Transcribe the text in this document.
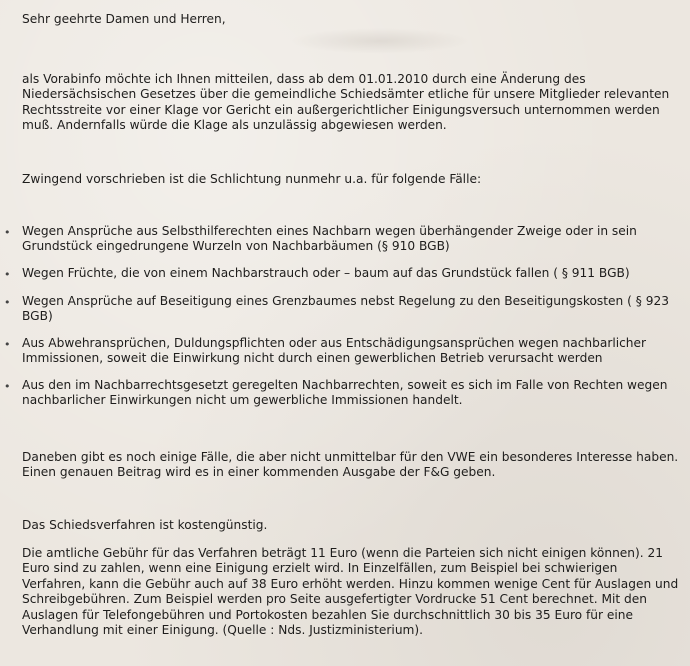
Sehr geehrte Damen und Herren,

als Vorabinfo möchte ich Ihnen mitteilen, dass ab dem 01.01.2010 durch eine Änderung des Niedersächsischen Gesetzes über die gemeindliche Schiedsämter etliche für unsere Mitglieder relevanten Rechtsstreite vor einer Klage vor Gericht ein außergerichtlicher Einigungsversuch unternommen werden muß. Andernfalls würde die Klage als unzulässig abgewiesen werden.

Zwingend vorschrieben ist die Schlichtung nunmehr u.a. für folgende Fälle:

• Wegen Ansprüche aus Selbsthilferechten eines Nachbarn wegen überhängender Zweige oder in sein Grundstück eingedrungene Wurzeln von Nachbarbäumen (§ 910 BGB)

• Wegen Früchte, die von einem Nachbarstrauch oder – baum auf das Grundstück fallen ( § 911 BGB)

• Wegen Ansprüche auf Beseitigung eines Grenzbaumes nebst Regelung zu den Beseitigungskosten ( § 923 BGB)

• Aus Abwehransprüchen, Duldungspflichten oder aus Entschädigungsansprüchen wegen nachbarlicher Immissionen, soweit die Einwirkung nicht durch einen gewerblichen Betrieb verursacht werden

• Aus den im Nachbarrechtsgesetzt geregelten Nachbarrechten, soweit es sich im Falle von Rechten wegen nachbarlicher Einwirkungen nicht um gewerbliche Immissionen handelt.

Daneben gibt es noch einige Fälle, die aber nicht unmittelbar für den VWE ein besonderes Interesse haben. Einen genauen Beitrag wird es in einer kommenden Ausgabe der F&G geben.

Das Schiedsverfahren ist kostengünstig.

Die amtliche Gebühr für das Verfahren beträgt 11 Euro (wenn die Parteien sich nicht einigen können). 21 Euro sind zu zahlen, wenn eine Einigung erzielt wird. In Einzelfällen, zum Beispiel bei schwierigen Verfahren, kann die Gebühr auch auf 38 Euro erhöht werden. Hinzu kommen wenige Cent für Auslagen und Schreibgebühren. Zum Beispiel werden pro Seite ausgefertigter Vordrucke 51 Cent berechnet. Mit den Auslagen für Telefongebühren und Portokosten bezahlen Sie durchschnittlich 30 bis 35 Euro für eine Verhandlung mit einer Einigung. (Quelle : Nds. Justizministerium).
